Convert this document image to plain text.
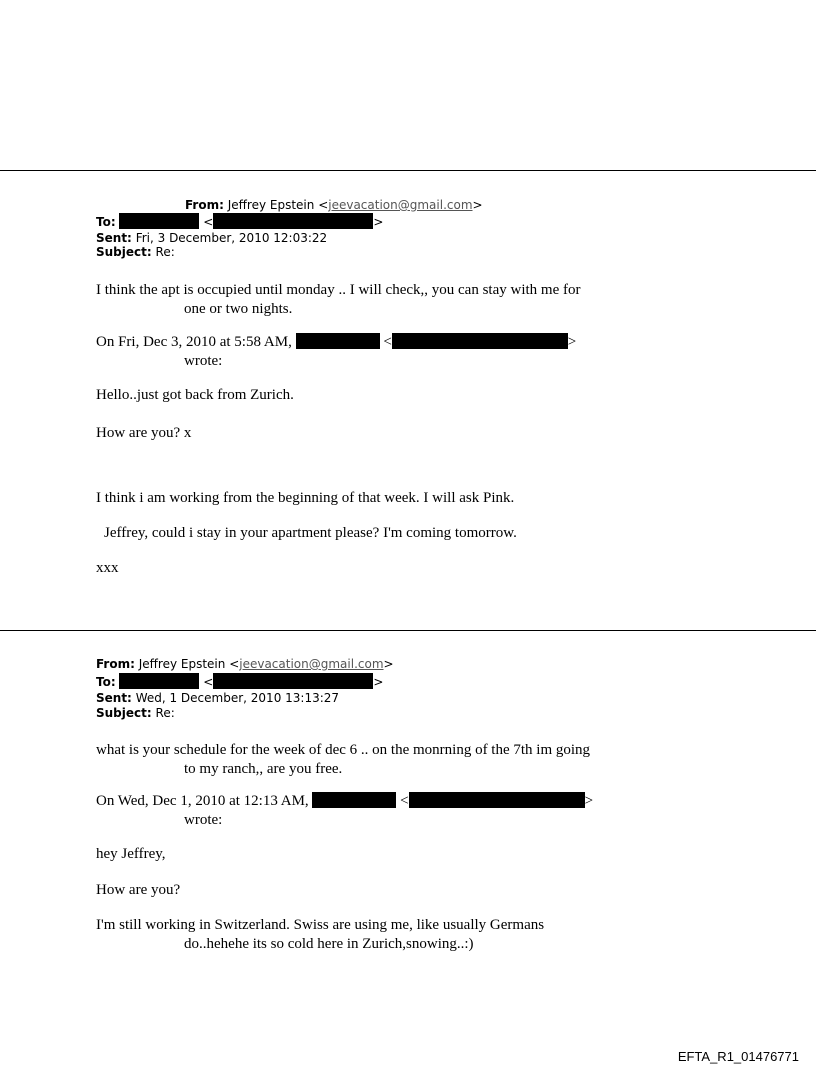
From: Jeffrey Epstein <jeevacation@gmail.com>
To:	<	>
Sent: Fri, 3 December, 2010 12:03:22
Subject: Re:
I think the apt is occupied until monday .. I will check,, you can stay with me for
one or two nights.
On Fri, Dec 3, 2010 at 5:58 AM,	<	>
wrote:
Hello..just got back from Zurich.
How are you? x
I think i am working from the beginning of that week. I will ask Pink.
Jeffrey, could i stay in your apartment please? I'm coming tomorrow.
xxx
From: Jeffrey Epstein <jeevacation@gmail.com>
To:	<	>
Sent: Wed, 1 December, 2010 13:13:27
Subject: Re:
what is your schedule for the week of dec 6 .. on the monrning of the 7th im going
to my ranch,, are you free.
On Wed, Dec 1, 2010 at 12:13 AM,	<	>
wrote:
hey Jeffrey,
How are you?
I'm still working in Switzerland. Swiss are using me, like usually Germans
do..hehehe its so cold here in Zurich,snowing..:)
EFTA_R1_01476771
